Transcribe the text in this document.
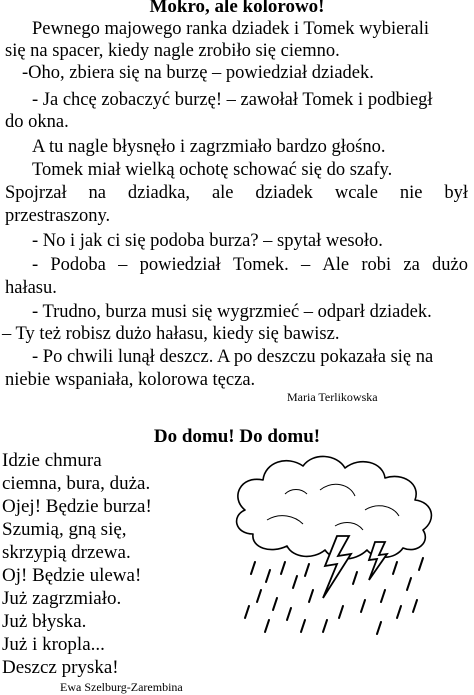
Mokro, ale kolorowo!
Pewnego majowego ranka dziadek i Tomek wybierali
się na spacer, kiedy nagle zrobiło się ciemno.
-Oho, zbiera się na burzę – powiedział dziadek.
- Ja chcę zobaczyć burzę! – zawołał Tomek i podbiegł
do okna.
A tu nagle błysnęło i zagrzmiało bardzo głośno.
Tomek miał wielką ochotę schować się do szafy.
Spojrzał na dziadka, ale dziadek wcale nie był
przestraszony.
- No i jak ci się podoba burza? – spytał wesoło.
- Podoba – powiedział Tomek. – Ale robi za dużo
hałasu.
- Trudno, burza musi się wygrzmieć – odparł dziadek.
– Ty też robisz dużo hałasu, kiedy się bawisz.
- Po chwili lunął deszcz. A po deszczu pokazała się na
niebie wspaniała, kolorowa tęcza.
Maria Terlikowska
Do domu! Do domu!
Idzie chmura
ciemna, bura, duża.
Ojej! Będzie burza!
Szumią, gną się,
skrzypią drzewa.
Oj! Będzie ulewa!
Już zagrzmiało.
Już błyska.
Już i kropla...
Deszcz pryska!
Ewa Szelburg-Zarembina
